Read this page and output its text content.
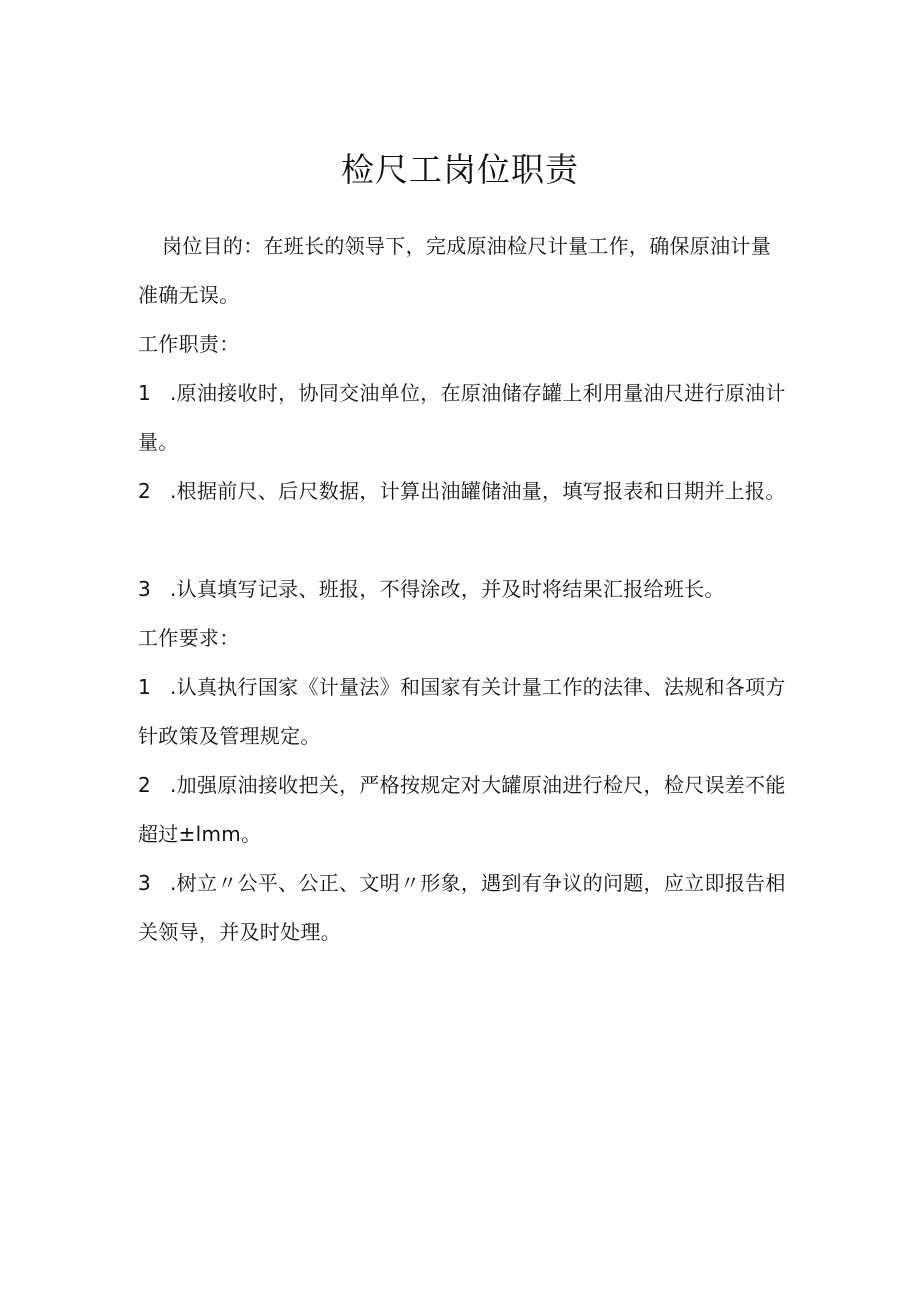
检尺工岗位职责
岗位目的：在班长的领导下，完成原油检尺计量工作，确保原油计量准确无误。
工作职责：
1 .原油接收时，协同交油单位，在原油储存罐上利用量油尺进行原油计量。
2 .根据前尺、后尺数据，计算出油罐储油量，填写报表和日期并上报。
3 .认真填写记录、班报，不得涂改，并及时将结果汇报给班长。
工作要求：
1 .认真执行国家《计量法》和国家有关计量工作的法律、法规和各项方针政策及管理规定。
2 .加强原油接收把关，严格按规定对大罐原油进行检尺，检尺误差不能超过±lmm。
3 .树立〃公平、公正、文明〃形象，遇到有争议的问题，应立即报告相关领导，并及时处理。
